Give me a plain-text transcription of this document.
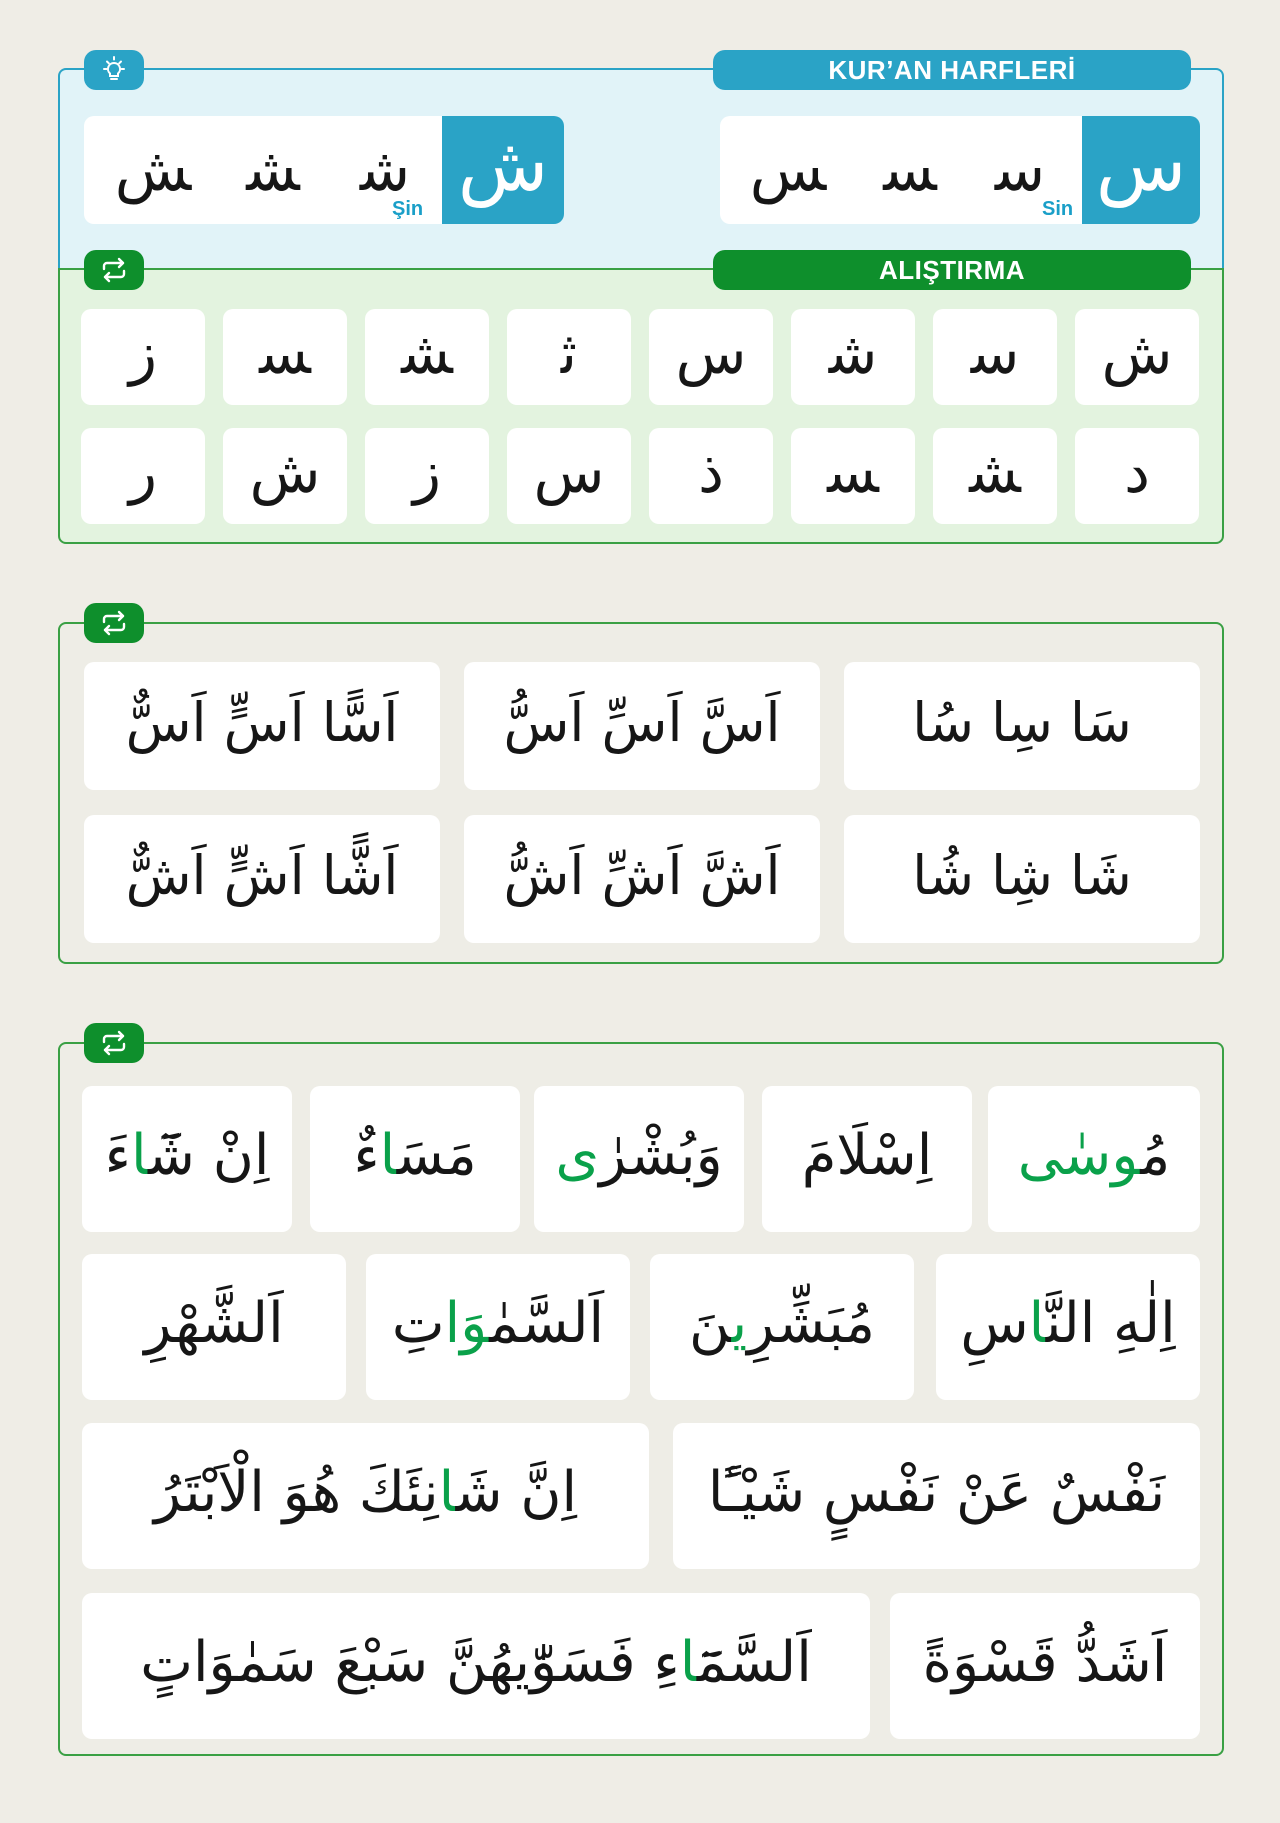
KUR’AN HARFLERİ
ش
ﺷ
ﺸ
ﺶ
Şin
س
ﺳ
ﺴ
ﺲ
Sin
ALIŞTIRMA
ش
ﺳ
ﺷ
س
ﺛ
ﺸ
ﺴ
ﺯ
ﺩ
ﺸ
ﺴ
ﺫ
س
ﺯ
ش
ﺭ
سَا سِا سُا
اَسَّ اَسِّ اَسُّ
اَسًّا اَسٍّ اَسٌّ
شَا شِا شُا
اَشَّ اَشِّ اَشُّ
اَشًّا اَشٍّ اَشٌّ
مُوسٰى
اِسْلَامَ
وَبُشْرٰى
مَسَاءٌ
اِنْ شَٓاءَ
اِلٰهِ النَّاسِ
مُبَشِّرِينَ
اَلسَّمٰوَاتِ
اَلشَّهْرِ
نَفْسٌ عَنْ نَفْسٍ شَيْـًٔا
اِنَّ شَانِئَكَ هُوَ الْاَبْتَرُ
اَشَدُّ قَسْوَةً
اَلسَّمَٓاءِ فَسَوّٰيهُنَّ سَبْعَ سَمٰوَاتٍ
